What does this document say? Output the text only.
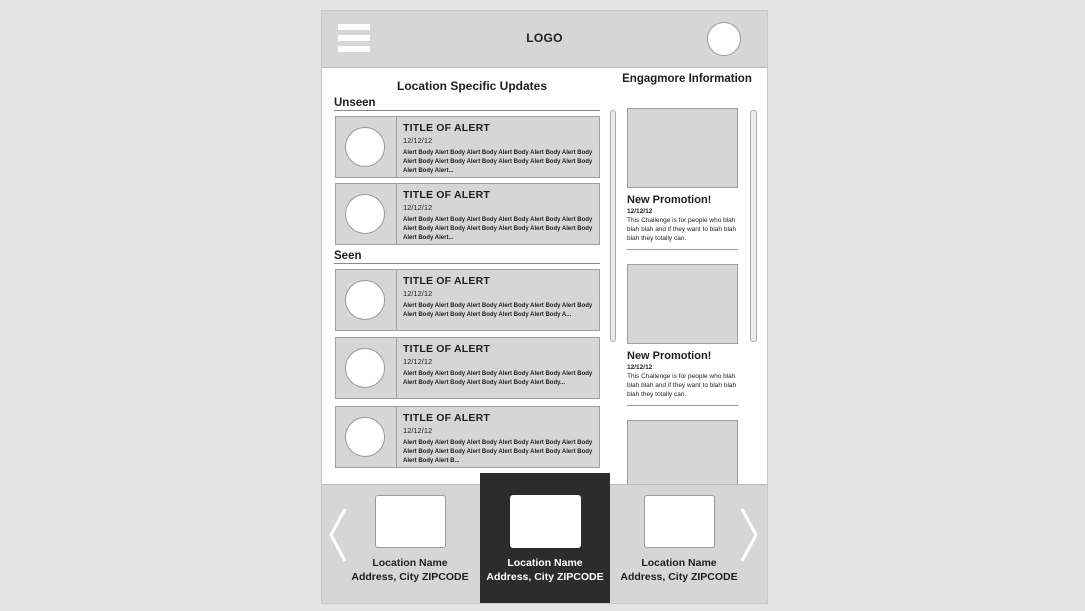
LOGO
Location Specific Updates
Unseen
TITLE OF ALERT
12/12/12
Alert Body Alert Body Alert Body Alert Body Alert Body Alert Body Alert Body Alert Body Alert Body Alert Body Alert Body Alert Body Alert Body Alert...
TITLE OF ALERT
12/12/12
Alert Body Alert Body Alert Body Alert Body Alert Body Alert Body Alert Body Alert Body Alert Body Alert Body Alert Body Alert Body Alert Body Alert...
Seen
TITLE OF ALERT
12/12/12
Alert Body Alert Body Alert Body Alert Body Alert Body Alert Body Alert Body Alert Body Alert Body Alert Body Alert Body A...
TITLE OF ALERT
12/12/12
Alert Body Alert Body Alert Body Alert Body Alert Body Alert Body Alert Body Alert Body Alert Body Alert Body Alert Body...
TITLE OF ALERT
12/12/12
Alert Body Alert Body Alert Body Alert Body Alert Body Alert Body Alert Body Alert Body Alert Body Alert Body Alert Body Alert Body Alert Body Alert B...
Engagmore Information
New Promotion!
12/12/12
This Challenge is for people who blah blah blah and if they want to blah blah blah they totally can.
New Promotion!
12/12/12
This Challenge is for people who blah blah blah and if they want to blah blah blah they totally can.
Location Name
Address, City ZIPCODE
Location Name
Address, City ZIPCODE
Location Name
Address, City ZIPCODE
